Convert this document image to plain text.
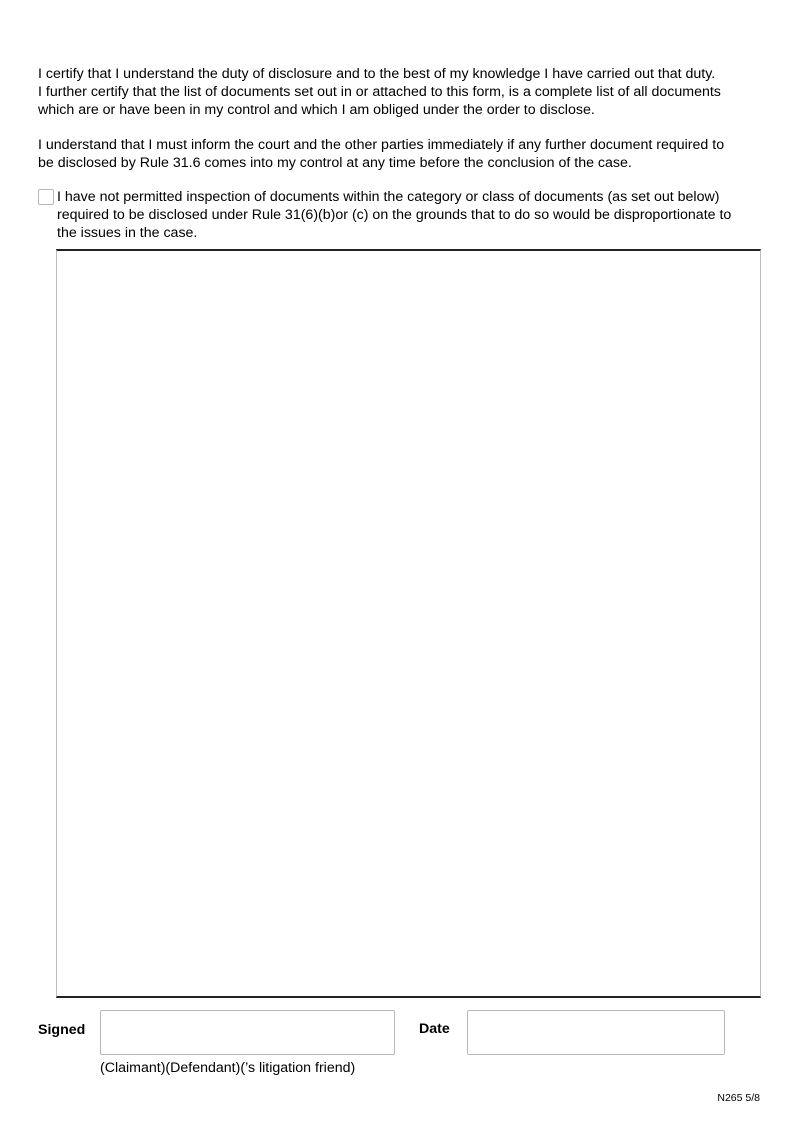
I certify that I understand the duty of disclosure and to the best of my knowledge I have carried out that duty.
I further certify that the list of documents set out in or attached to this form, is a complete list of all documents
which are or have been in my control and which I am obliged under the order to disclose.
I understand that I must inform the court and the other parties immediately if any further document required to
be disclosed by Rule 31.6 comes into my control at any time before the conclusion of the case.
I have not permitted inspection of documents within the category or class of documents (as set out below)
required to be disclosed under Rule 31(6)(b)or (c) on the grounds that to do so would be disproportionate to
the issues in the case.
Signed	Date
(Claimant)(Defendant)(’s litigation friend)
N265 5/8
